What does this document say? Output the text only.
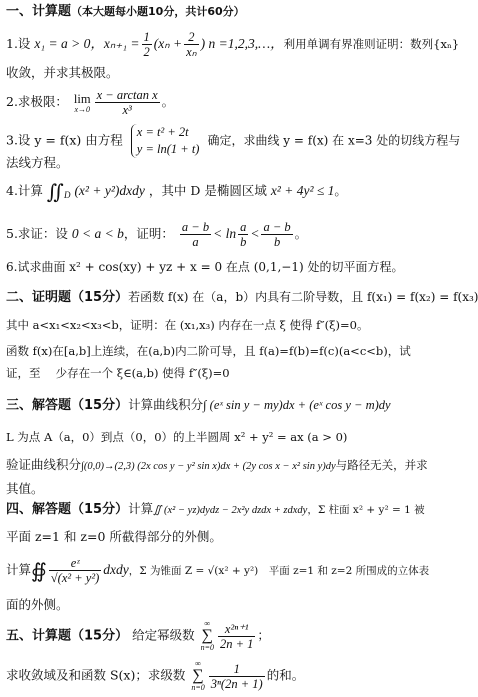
一、计算题（本大题每小题10分，共计60分）
1.设 x₁ = a > 0，$x_{n+1} = \frac{1}{2} (x_n + \frac{2}{\text{xₙ}}$ ) n =1,2,3,…，利用单调有界准则证明：数列{xₙ}
收敛，并求其极限。
2.求极限： lim
$x\to 0 \frac{\text{x − arctan x}}{\text{x³}}$ 。
3.设 y = f(x) 由方程
x = t² + 2t
y = ln(1 + t)
确定，求曲线 y = f(x) 在 x=3 处的切线方程与
法线方程。
4.计算 $∬_D$ (x² + y²)dxdy ，其中 D 是椭圆区域 x² + 4y² ≤ 1。
5.求证：设 0 < a < b，证明： $\frac{a - b}{a} < \ln \frac{a}{b} < \frac{a - b}{b}$ 。
6.试求曲面 x² + cos(xy) + yz + x = 0 在点 (0,1,−1) 处的切平面方程。
二、证明题（15分）若函数 f(x) 在（a，b）内具有二阶导数，且 f(x₁) = f(x₂) = f(x₃)
其中 a<x₁<x₂<x₃<b，证明：在 (x₁,x₃) 内存在一点 ξ 使得 f″(ξ)=0。
函数 f(x)在[a,b]上连续，在(a,b)内二阶可导，且 f(a)=f(b)=f(c)(a<c<b)，试
证，至　 少存在一个 ξ∈(a,b) 使得 f″(ξ)=0
三、解答题（15分）计算曲线积分∫ (eˣ sin y − my)dx + (eˣ cos y − m)dy
L 为点 A（a，0）到点（0，0）的上半圆周 x² + y² = ax (a > 0)
验证曲线积分∫(0,0)→(2,3) (2x cos y − y² sin x)dx + (2y cos x − x² sin y)dy与路径无关，并求
其值。
四、解答题（15分）计算∬ (x² − yz)dydz − 2x²y dzdx + zdxdy，Σ 柱面 x² + y² = 1 被
平面 z=1 和 z=0 所截得部分的外侧。
计算∯ $\frac{\text{eᶻ}}{\text{√(x² + y²)}}$ dxdy，Σ 为锥面 Z = √(x² + y²)　平面 z=1 和 z=2 所围成的立体表
面的外侧。
五、计算题（15分） 给定幂级数
∞
∑
$n=0 \frac{\text{x²ⁿ⁺¹}}{2n + 1}$ ；
求收敛域及和函数 S(x)；求级数
∞
∑
$n=0 \frac{1}{\text{3ⁿ(2n + 1)}}$ 的和。
